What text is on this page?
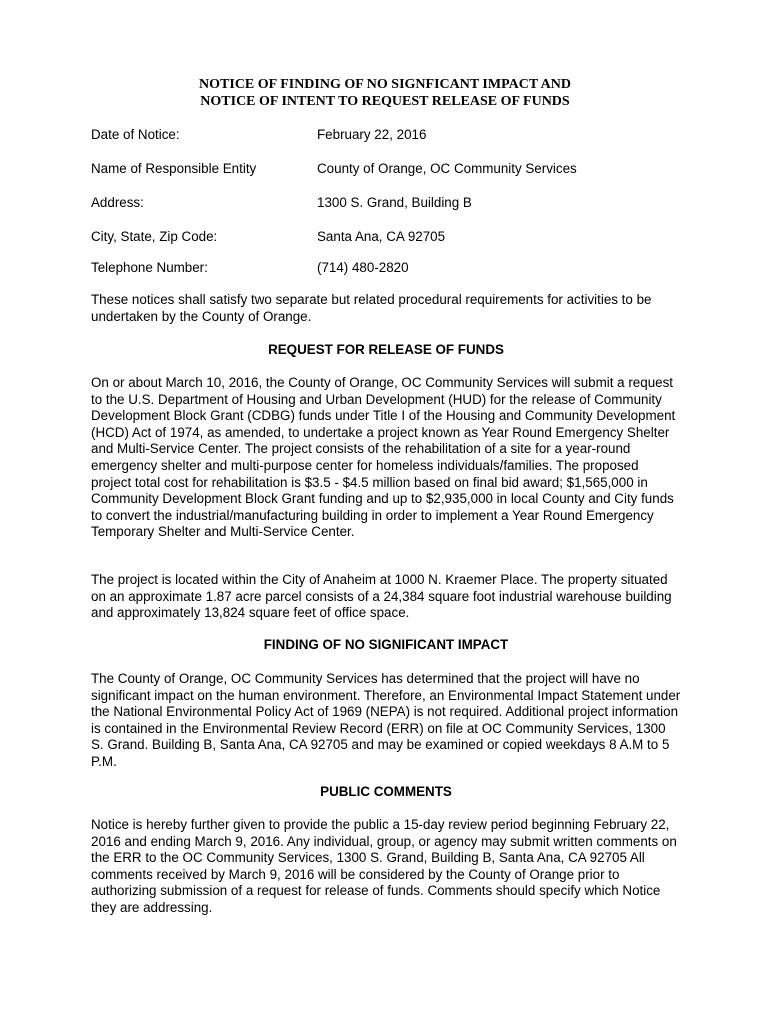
NOTICE OF FINDING OF NO SIGNFICANT IMPACT AND
NOTICE OF INTENT TO REQUEST RELEASE OF FUNDS
Date of Notice:	February 22, 2016
Name of Responsible Entity	County of Orange, OC Community Services
Address:	1300 S. Grand, Building B
City, State, Zip Code:	Santa Ana, CA 92705
Telephone Number:	(714) 480-2820

These notices shall satisfy two separate but related procedural requirements for activities to be undertaken by the County of Orange.

REQUEST FOR RELEASE OF FUNDS

On or about March 10, 2016, the County of Orange, OC Community Services will submit a request to the U.S. Department of Housing and Urban Development (HUD) for the release of Community Development Block Grant (CDBG) funds under Title I of the Housing and Community Development (HCD) Act of 1974, as amended, to undertake a project known as Year Round Emergency Shelter and Multi-Service Center. The project consists of the rehabilitation of a site for a year-round emergency shelter and multi-purpose center for homeless individuals/families. The proposed project total cost for rehabilitation is $3.5 - $4.5 million based on final bid award; $1,565,000 in Community Development Block Grant funding and up to $2,935,000 in local County and City funds to convert the industrial/manufacturing building in order to implement a Year Round Emergency Temporary Shelter and Multi-Service Center.

The project is located within the City of Anaheim at 1000 N. Kraemer Place. The property situated on an approximate 1.87 acre parcel consists of a 24,384 square foot industrial warehouse building and approximately 13,824 square feet of office space.

FINDING OF NO SIGNIFICANT IMPACT

The County of Orange, OC Community Services has determined that the project will have no significant impact on the human environment. Therefore, an Environmental Impact Statement under the National Environmental Policy Act of 1969 (NEPA) is not required. Additional project information is contained in the Environmental Review Record (ERR) on file at OC Community Services, 1300 S. Grand. Building B, Santa Ana, CA 92705 and may be examined or copied weekdays 8 A.M to 5 P.M.

PUBLIC COMMENTS

Notice is hereby further given to provide the public a 15-day review period beginning February 22, 2016 and ending March 9, 2016. Any individual, group, or agency may submit written comments on the ERR to the OC Community Services, 1300 S. Grand, Building B, Santa Ana, CA 92705 All comments received by March 9, 2016 will be considered by the County of Orange prior to authorizing submission of a request for release of funds. Comments should specify which Notice they are addressing.
